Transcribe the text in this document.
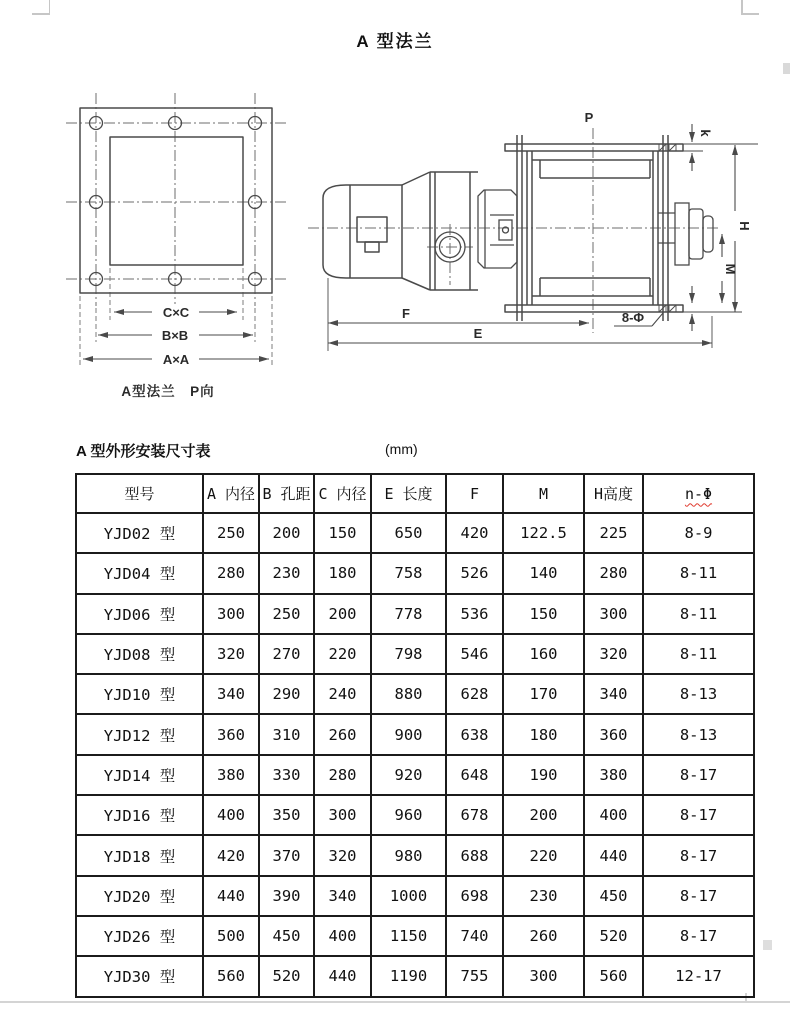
A 型法兰
C×C
B×B
A×A
A型法兰　P向
P
k
H
M
F
E
8-Φ
A 型外形安装尺寸表	(mm)
型号	A 内径	B 孔距	C 内径	E 长度	F	M	H高度	n-Φ
YJD02 型	250	200	150	650	420	122.5	225	8-9
YJD04 型	280	230	180	758	526	140	280	8-11
YJD06 型	300	250	200	778	536	150	300	8-11
YJD08 型	320	270	220	798	546	160	320	8-11
YJD10 型	340	290	240	880	628	170	340	8-13
YJD12 型	360	310	260	900	638	180	360	8-13
YJD14 型	380	330	280	920	648	190	380	8-17
YJD16 型	400	350	300	960	678	200	400	8-17
YJD18 型	420	370	320	980	688	220	440	8-17
YJD20 型	440	390	340	1000	698	230	450	8-17
YJD26 型	500	450	400	1150	740	260	520	8-17
YJD30 型	560	520	440	1190	755	300	560	12-17
